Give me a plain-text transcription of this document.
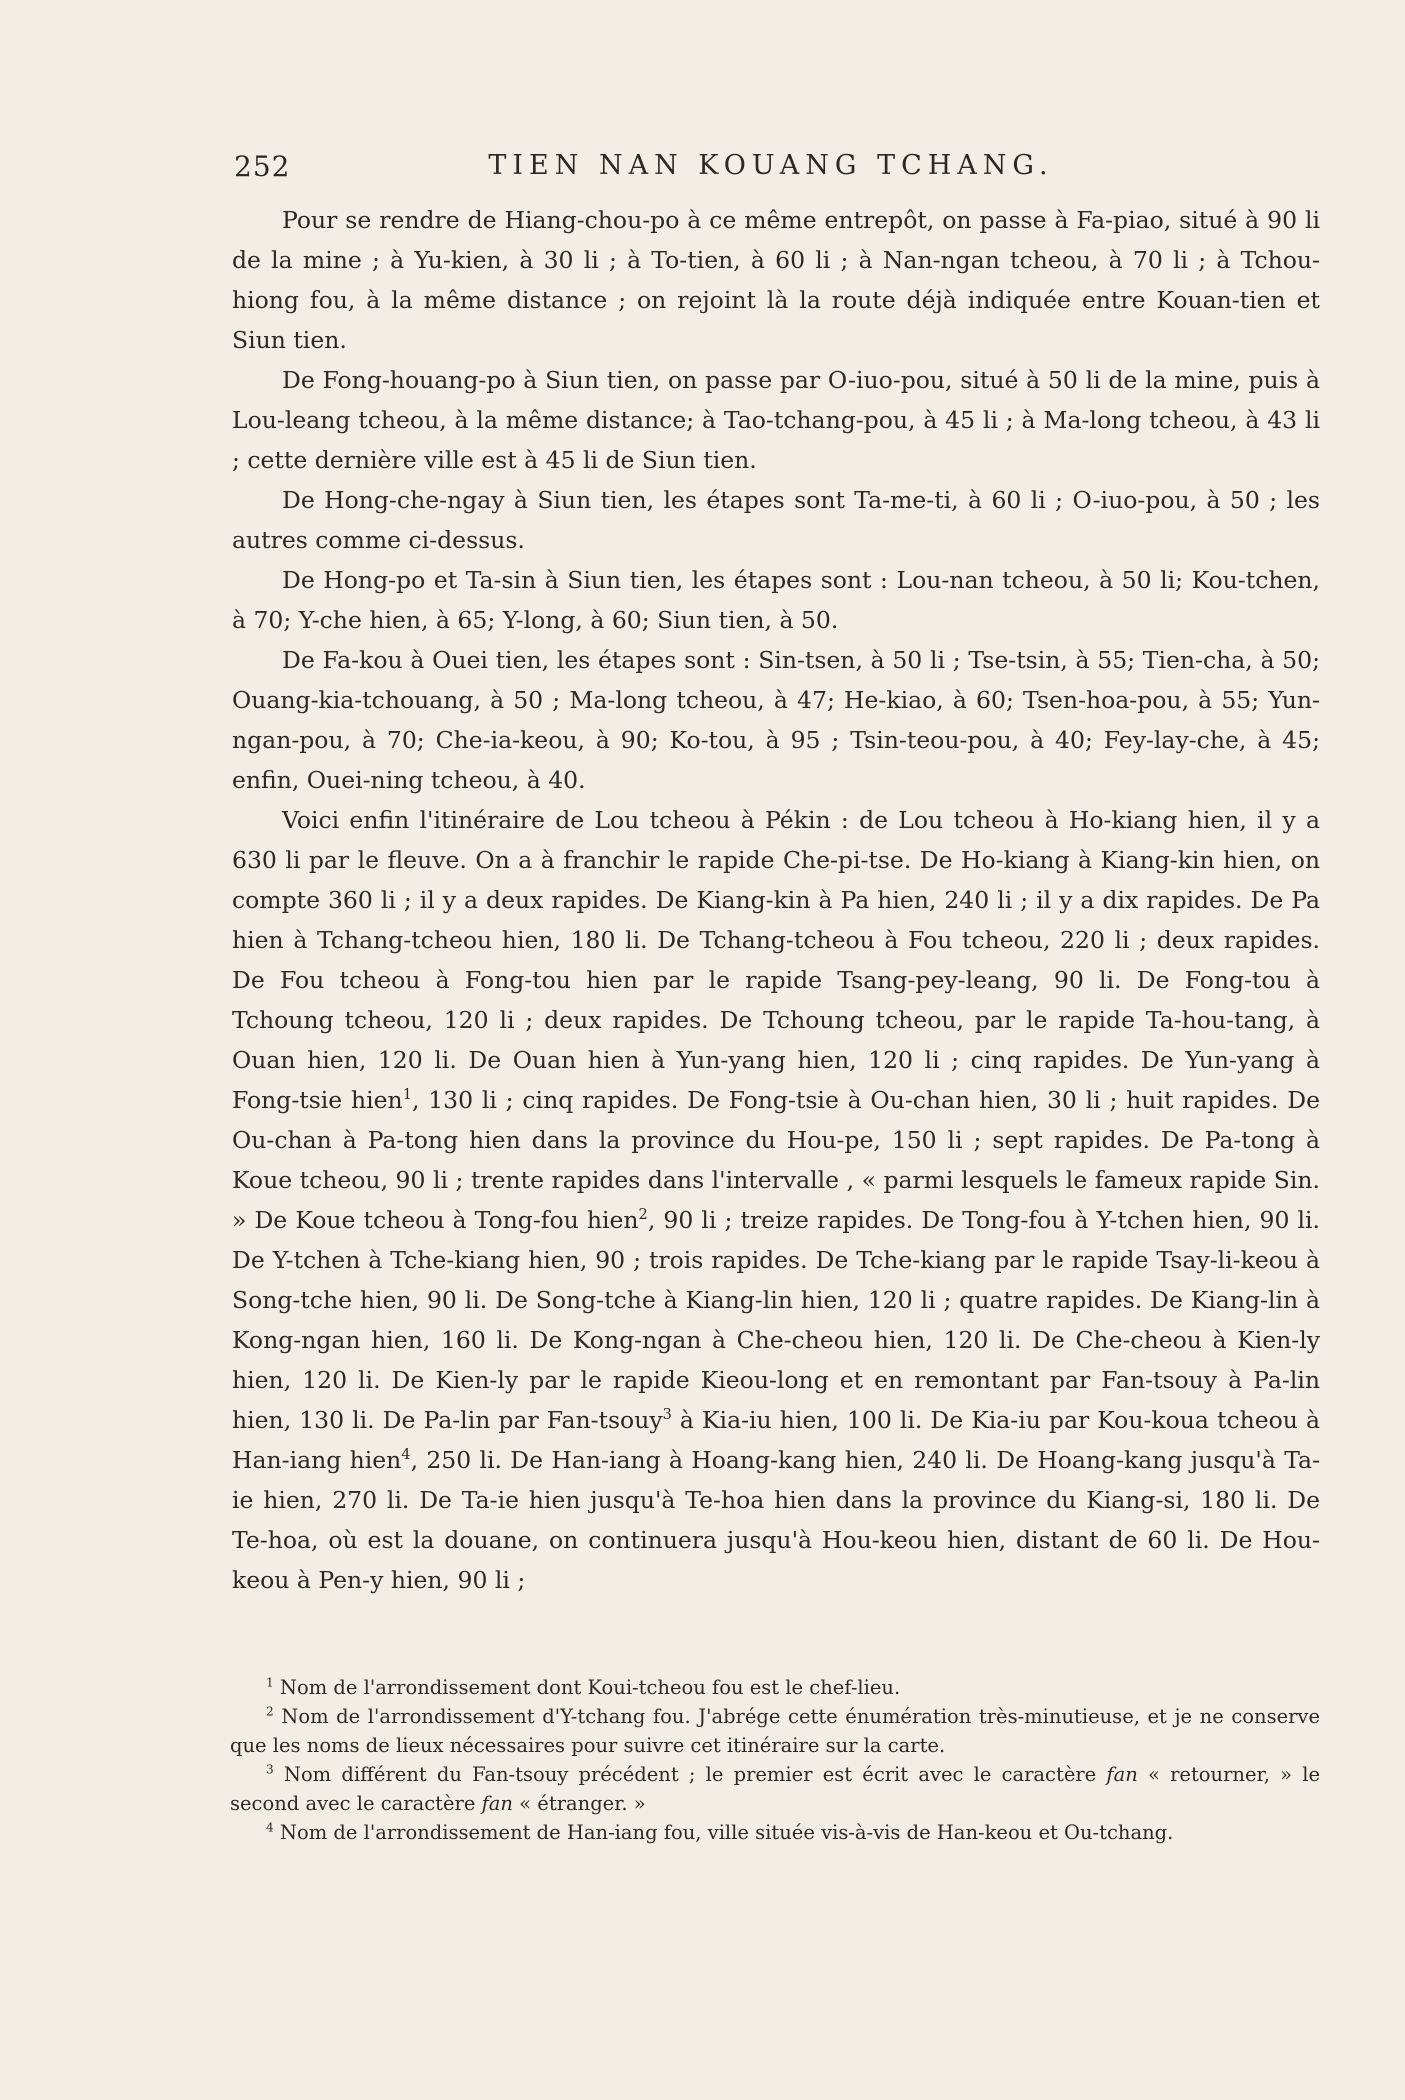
252	TIEN NAN KOUANG TCHANG.

Pour se rendre de Hiang-chou-po à ce même entrepôt, on passe à Fa-piao, situé à 90 li de la mine ; à Yu-kien, à 30 li ; à To-tien, à 60 li ; à Nan-ngan tcheou, à 70 li ; à Tchou-hiong fou, à la même distance ; on rejoint là la route déjà indiquée entre Kouan-tien et Siun tien.

De Fong-houang-po à Siun tien, on passe par O-iuo-pou, situé à 50 li de la mine, puis à Lou-leang tcheou, à la même distance; à Tao-tchang-pou, à 45 li ; à Ma-long tcheou, à 43 li ; cette dernière ville est à 45 li de Siun tien.

De Hong-che-ngay à Siun tien, les étapes sont Ta-me-ti, à 60 li ; O-iuo-pou, à 50 ; les autres comme ci-dessus.

De Hong-po et Ta-sin à Siun tien, les étapes sont : Lou-nan tcheou, à 50 li; Kou-tchen, à 70; Y-che hien, à 65; Y-long, à 60; Siun tien, à 50.

De Fa-kou à Ouei tien, les étapes sont : Sin-tsen, à 50 li ; Tse-tsin, à 55; Tien-cha, à 50; Ouang-kia-tchouang, à 50 ; Ma-long tcheou, à 47; He-kiao, à 60; Tsen-hoa-pou, à 55; Yun-ngan-pou, à 70; Che-ia-keou, à 90; Ko-tou, à 95 ; Tsin-teou-pou, à 40; Fey-lay-che, à 45; enfin, Ouei-ning tcheou, à 40.

Voici enfin l'itinéraire de Lou tcheou à Pékin : de Lou tcheou à Ho-kiang hien, il y a 630 li par le fleuve. On a à franchir le rapide Che-pi-tse. De Ho-kiang à Kiang-kin hien, on compte 360 li ; il y a deux rapides. De Kiang-kin à Pa hien, 240 li ; il y a dix rapides. De Pa hien à Tchang-tcheou hien, 180 li. De Tchang-tcheou à Fou tcheou, 220 li ; deux rapides. De Fou tcheou à Fong-tou hien par le rapide Tsang-pey-leang, 90 li. De Fong-tou à Tchoung tcheou, 120 li ; deux rapides. De Tchoung tcheou, par le rapide Ta-hou-tang, à Ouan hien, 120 li. De Ouan hien à Yun-yang hien, 120 li ; cinq rapides. De Yun-yang à Fong-tsie hien$^1$, 130 li ; cinq rapides. De Fong-tsie à Ou-chan hien, 30 li ; huit rapides. De Ou-chan à Pa-tong hien dans la province du Hou-pe, 150 li ; sept rapides. De Pa-tong à Koue tcheou, 90 li ; trente rapides dans l'intervalle , « parmi lesquels le fameux rapide Sin. » De Koue tcheou à Tong-fou hien$^2$, 90 li ; treize rapides. De Tong-fou à Y-tchen hien, 90 li. De Y-tchen à Tche-kiang hien, 90 ; trois rapides. De Tche-kiang par le rapide Tsay-li-keou à Song-tche hien, 90 li. De Song-tche à Kiang-lin hien, 120 li ; quatre rapides. De Kiang-lin à Kong-ngan hien, 160 li. De Kong-ngan à Che-cheou hien, 120 li. De Che-cheou à Kien-ly hien, 120 li. De Kien-ly par le rapide Kieou-long et en remontant par Fan-tsouy à Pa-lin hien, 130 li. De Pa-lin par Fan-tsouy$^3$ à Kia-iu hien, 100 li. De Kia-iu par Kou-koua tcheou à Han-iang hien$^4$, 250 li. De Han-iang à Hoang-kang hien, 240 li. De Hoang-kang jusqu'à Ta-ie hien, 270 li. De Ta-ie hien jusqu'à Te-hoa hien dans la province du Kiang-si, 180 li. De Te-hoa, où est la douane, on continuera jusqu'à Hou-keou hien, distant de 60 li. De Hou-keou à Pen-y hien, 90 li ;

$^1$ Nom de l'arrondissement dont Koui-tcheou fou est le chef-lieu.

$^2$ Nom de l'arrondissement d'Y-tchang fou. J'abrége cette énumération très-minutieuse, et je ne conserve que les noms de lieux nécessaires pour suivre cet itinéraire sur la carte.

$^3$ Nom différent du Fan-tsouy précédent ; le premier est écrit avec le caractère fan « retourner, » le second avec le caractère fan « étranger. »

$^4$ Nom de l'arrondissement de Han-iang fou, ville située vis-à-vis de Han-keou et Ou-tchang.
